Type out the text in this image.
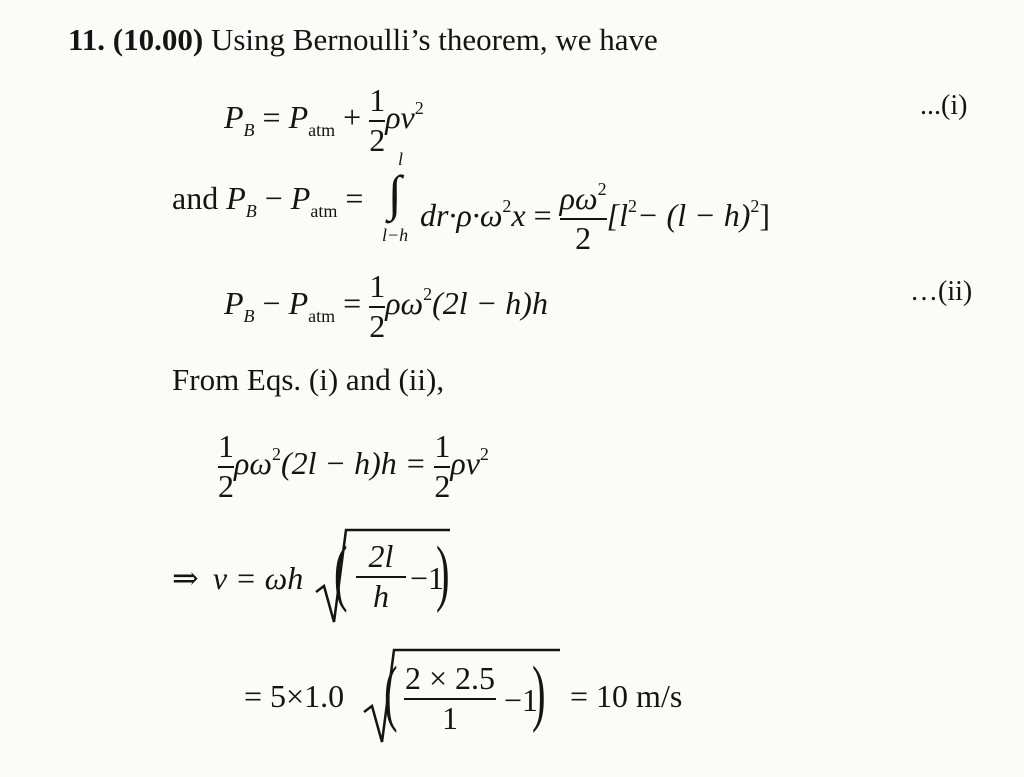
11. (10.00) Using Bernoulli’s theorem, we have
$P_B = P_{atm} + \frac{1}{2} \rho v^2$	...(i)
and $P_B - P_{atm}$ =
l
∫
l−h
$dr\cdot\rho\cdot\omega^2x = \frac{\rho\omega^2}{2} [l^2- (l - h)^2]$
$P_B - P_{atm} = \frac{1}{2} \rho\omega^2(2l - h)h$	…(ii)
From Eqs. (i) and (ii),
$\frac{1}{2} \rho\omega^2(2l - h)h = \frac{1}{2} \rho v^2$
⇒ v = ωh ( $\frac{2l}{h} -1$
)
= 5×1.0 ( $\frac{2 \times 2.5}{1} -1$
) = 10 m/s
